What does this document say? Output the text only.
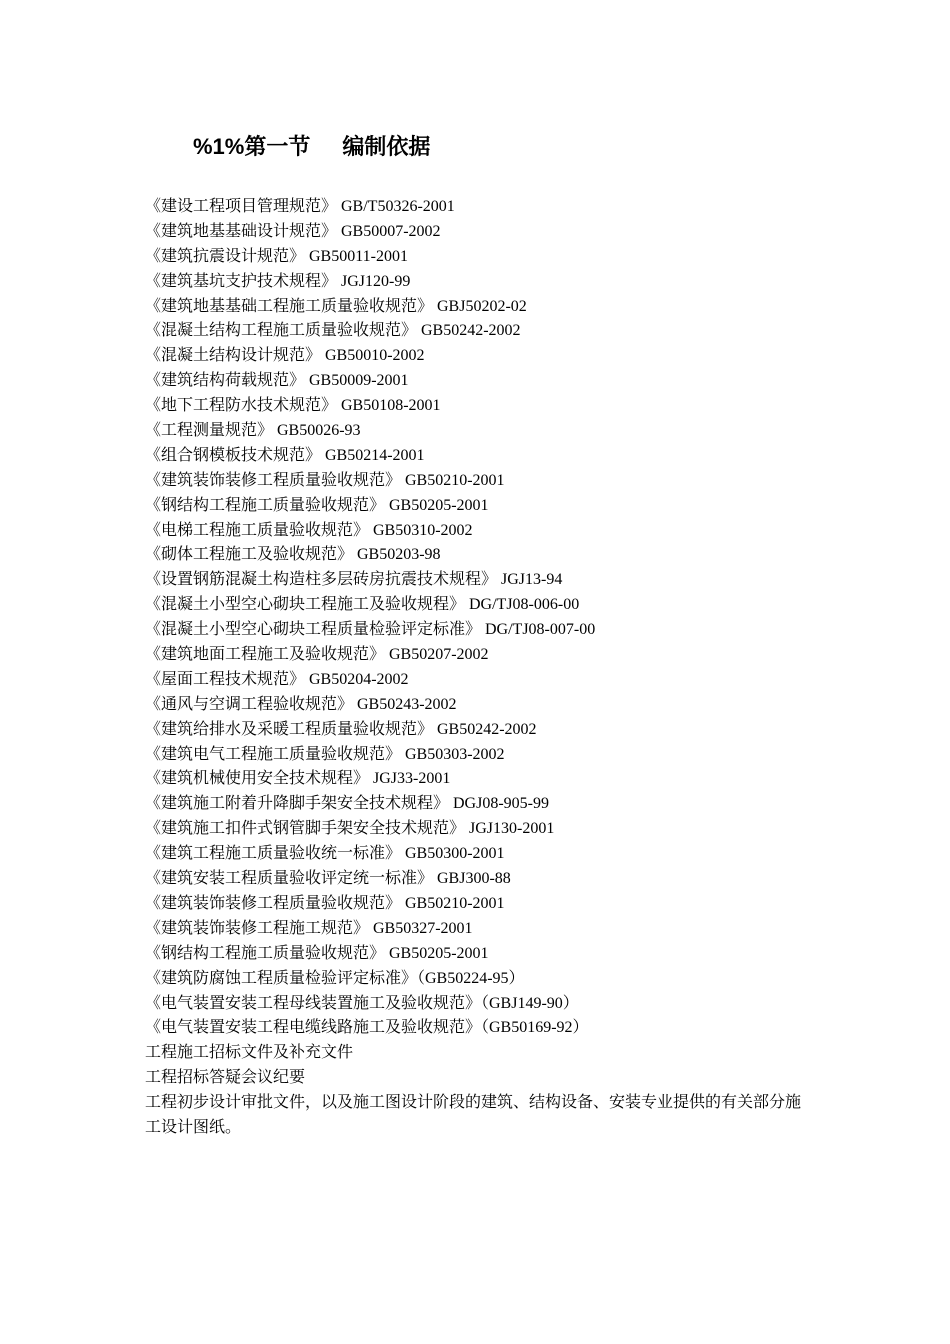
%1%第一节 编制依据
《建设工程项目管理规范》 GB/T50326-2001
《建筑地基基础设计规范》 GB50007-2002
《建筑抗震设计规范》 GB50011-2001
《建筑基坑支护技术规程》 JGJ120-99
《建筑地基基础工程施工质量验收规范》 GBJ50202-02
《混凝土结构工程施工质量验收规范》 GB50242-2002
《混凝土结构设计规范》 GB50010-2002
《建筑结构荷载规范》 GB50009-2001
《地下工程防水技术规范》 GB50108-2001
《工程测量规范》 GB50026-93
《组合钢模板技术规范》 GB50214-2001
《建筑装饰装修工程质量验收规范》 GB50210-2001
《钢结构工程施工质量验收规范》 GB50205-2001
《电梯工程施工质量验收规范》 GB50310-2002
《砌体工程施工及验收规范》 GB50203-98
《设置钢筋混凝土构造柱多层砖房抗震技术规程》 JGJ13-94
《混凝土小型空心砌块工程施工及验收规程》 DG/TJ08-006-00
《混凝土小型空心砌块工程质量检验评定标准》 DG/TJ08-007-00
《建筑地面工程施工及验收规范》 GB50207-2002
《屋面工程技术规范》 GB50204-2002
《通风与空调工程验收规范》 GB50243-2002
《建筑给排水及采暖工程质量验收规范》 GB50242-2002
《建筑电气工程施工质量验收规范》 GB50303-2002
《建筑机械使用安全技术规程》 JGJ33-2001
《建筑施工附着升降脚手架安全技术规程》 DGJ08-905-99
《建筑施工扣件式钢管脚手架安全技术规范》 JGJ130-2001
《建筑工程施工质量验收统一标准》 GB50300-2001
《建筑安装工程质量验收评定统一标准》 GBJ300-88
《建筑装饰装修工程质量验收规范》 GB50210-2001
《建筑装饰装修工程施工规范》 GB50327-2001
《钢结构工程施工质量验收规范》 GB50205-2001
《建筑防腐蚀工程质量检验评定标准》（GB50224-95）
《电气装置安装工程母线装置施工及验收规范》（GBJ149-90）
《电气装置安装工程电缆线路施工及验收规范》（GB50169-92）
工程施工招标文件及补充文件
工程招标答疑会议纪要
工程初步设计审批文件，以及施工图设计阶段的建筑、结构设备、安装专业提供的有关部分施工设计图纸。
